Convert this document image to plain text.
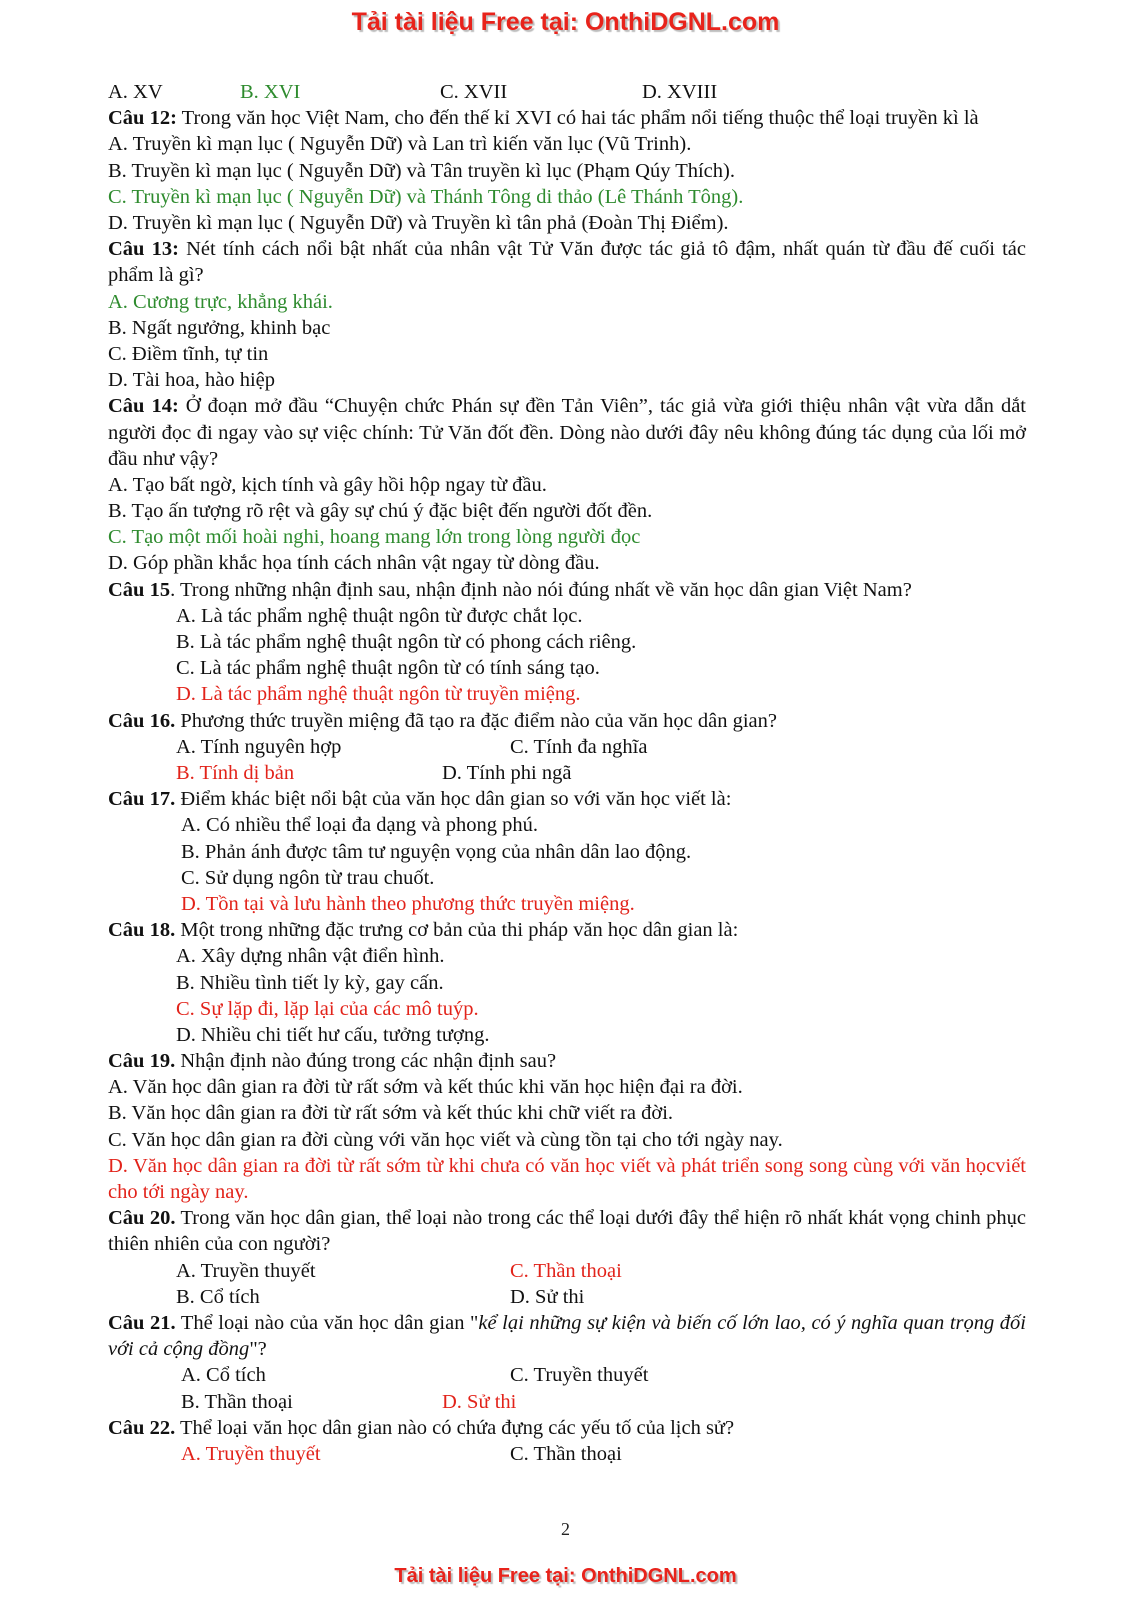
Tải tài liệu Free tại: OnthiDGNL.com
A. XV	B. XVI	C. XVII	D. XVIII
Câu 12: Trong văn học Việt Nam, cho đến thế kỉ XVI có hai tác phẩm nổi tiếng thuộc thể loại truyền kì là
A. Truyền kì mạn lục ( Nguyễn Dữ) và Lan trì kiến văn lục (Vũ Trinh).
B. Truyền kì mạn lục ( Nguyễn Dữ) và Tân truyền kì lục (Phạm Qúy Thích).
C. Truyền kì mạn lục ( Nguyễn Dữ) và Thánh Tông di thảo (Lê Thánh Tông).
D. Truyền kì mạn lục ( Nguyễn Dữ) và Truyền kì tân phả (Đoàn Thị Điểm).
Câu 13: Nét tính cách nổi bật nhất của nhân vật Tử Văn được tác giả tô đậm, nhất quán từ đầu đế cuối tác phẩm là gì?
A. Cương trực, khẳng khái.
B. Ngất ngưởng, khinh bạc
C. Điềm tĩnh, tự tin
D. Tài hoa, hào hiệp
Câu 14: Ở đoạn mở đầu “Chuyện chức Phán sự đền Tản Viên”, tác giả vừa giới thiệu nhân vật vừa dẫn dắt người đọc đi ngay vào sự việc chính: Tử Văn đốt đền. Dòng nào dưới đây nêu không đúng tác dụng của lối mở đầu như vậy?
A. Tạo bất ngờ, kịch tính và gây hồi hộp ngay từ đầu.
B. Tạo ấn tượng rõ rệt và gây sự chú ý đặc biệt đến người đốt đền.
C. Tạo một mối hoài nghi, hoang mang lớn trong lòng người đọc
D. Góp phần khắc họa tính cách nhân vật ngay từ dòng đầu.
Câu 15. Trong những nhận định sau, nhận định nào nói đúng nhất về văn học dân gian Việt Nam?
A. Là tác phẩm nghệ thuật ngôn từ được chắt lọc.
B. Là tác phẩm nghệ thuật ngôn từ có phong cách riêng.
C. Là tác phẩm nghệ thuật ngôn từ có tính sáng tạo.
D. Là tác phẩm nghệ thuật ngôn từ truyền miệng.
Câu 16. Phương thức truyền miệng đã tạo ra đặc điểm nào của văn học dân gian?
A. Tính nguyên hợp	C. Tính đa nghĩa
B. Tính dị bản	D. Tính phi ngã
Câu 17. Điểm khác biệt nổi bật của văn học dân gian so với văn học viết là:
A. Có nhiều thể loại đa dạng và phong phú.
B. Phản ánh được tâm tư nguyện vọng của nhân dân lao động.
C. Sử dụng ngôn từ trau chuốt.
D. Tồn tại và lưu hành theo phương thức truyền miệng.
Câu 18. Một trong những đặc trưng cơ bản của thi pháp văn học dân gian là:
A. Xây dựng nhân vật điển hình.
B. Nhiều tình tiết ly kỳ, gay cấn.
C. Sự lặp đi, lặp lại của các mô tuýp.
D. Nhiều chi tiết hư cấu, tưởng tượng.
Câu 19. Nhận định nào đúng trong các nhận định sau?
A. Văn học dân gian ra đời từ rất sớm và kết thúc khi văn học hiện đại ra đời.
B. Văn học dân gian ra đời từ rất sớm và kết thúc khi chữ viết ra đời.
C. Văn học dân gian ra đời cùng với văn học viết và cùng tồn tại cho tới ngày nay.
D. Văn học dân gian ra đời từ rất sớm từ khi chưa có văn học viết và phát triển song song cùng với văn họcviết cho tới ngày nay.
Câu 20. Trong văn học dân gian, thể loại nào trong các thể loại dưới đây thể hiện rõ nhất khát vọng chinh phục thiên nhiên của con người?
A. Truyền thuyết	C. Thần thoại
B. Cổ tích	D. Sử thi
Câu 21. Thể loại nào của văn học dân gian "kể lại những sự kiện và biến cố lớn lao, có ý nghĩa quan trọng đối với cả cộng đồng"?
A. Cổ tích	C. Truyền thuyết
B. Thần thoại	D. Sử thi
Câu 22. Thể loại văn học dân gian nào có chứa đựng các yếu tố của lịch sử?
A. Truyền thuyết	C. Thần thoại
2
Tải tài liệu Free tại: OnthiDGNL.com
